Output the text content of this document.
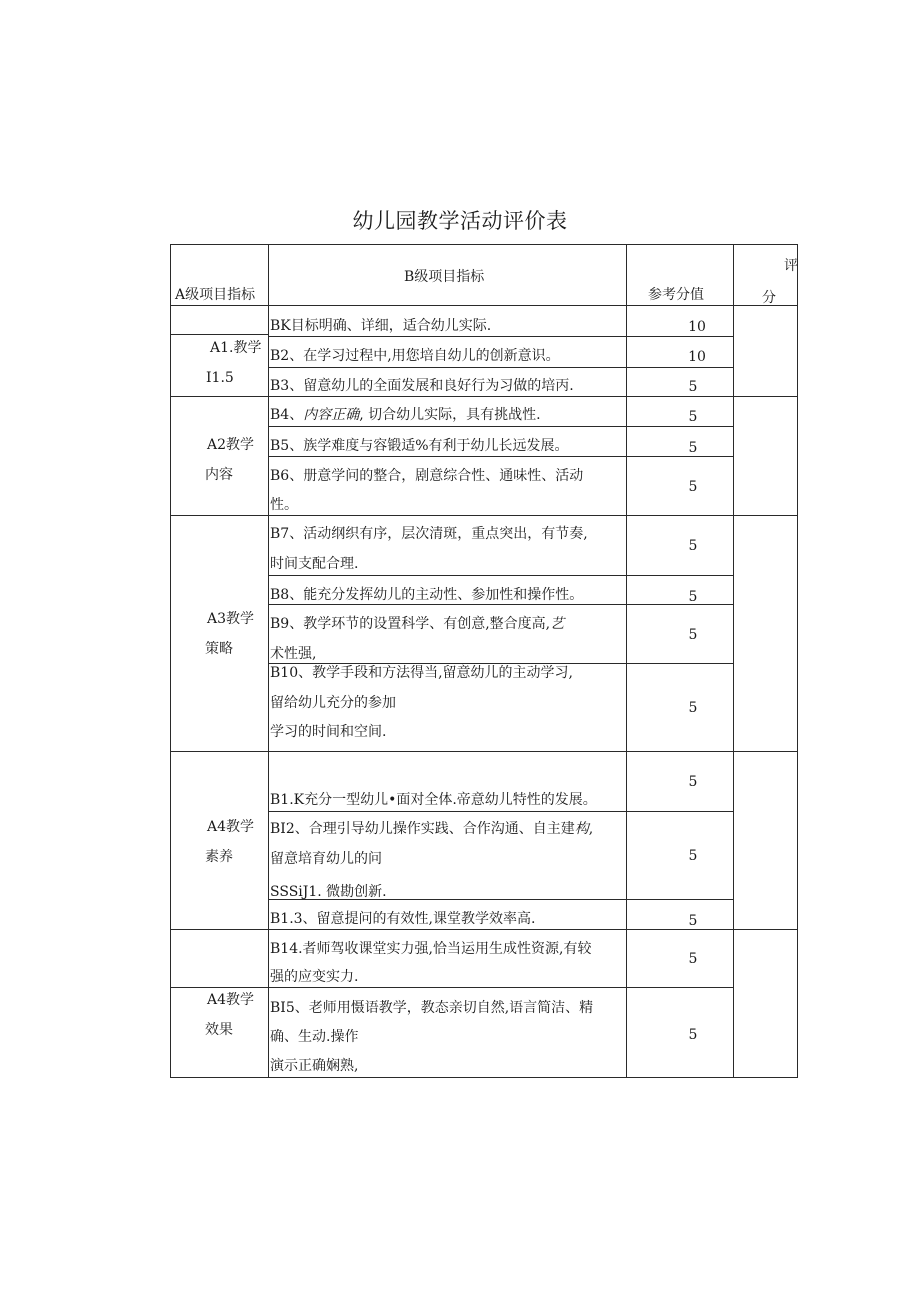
幼儿园教学活动评价表
A级项目指标
B级项目指标
参考分值
评
分
A1.教学
I1.5
A2教学
内容
A3教学
策略
A4教学
素养
A4教学
效果
BK目标明确、详细，适合幼儿实际.
B2、在学习过程中,用您培自幼儿的创新意识。
B3、留意幼儿的全面发展和良好行为习做的培丙.
B4、内容正确, 切合幼儿实际，具有挑战性.
B5、族学难度与容锻适%有利于幼儿长远发展。
B6、册意学问的整合，剧意综合性、通味性、活动
性。
B7、活动纲织有序，层次清斑，重点突出，有节奏,
时间支配合理.
B8、能充分发挥幼儿的主动性、参加性和操作性。
B9、教学环节的设置科学、有创意,整合度高,艺
术性强,
B10、教学手段和方法得当,留意幼儿的主动学习,
留给幼儿充分的参加
学习的时间和空间.
B1.K充分一型幼儿•面对全体.帝意幼儿特性的发展。
BI2、合理引导幼儿操作实践、合作沟通、自主建构,
留意培育幼儿的问
SSSiJ1. 微勘创新.
B1.3、留意提问的有效性,课堂教学效率高.
B14.者师驾收课堂实力强,恰当运用生成性资源,有较
强的应变实力.
BI5、老师用慑语教学，教态亲切自然,语言简洁、精
确、生动.操作
演示正确娴熟,
10
10
5
5
5
5
5
5
5
5
5
5
5
5
5
